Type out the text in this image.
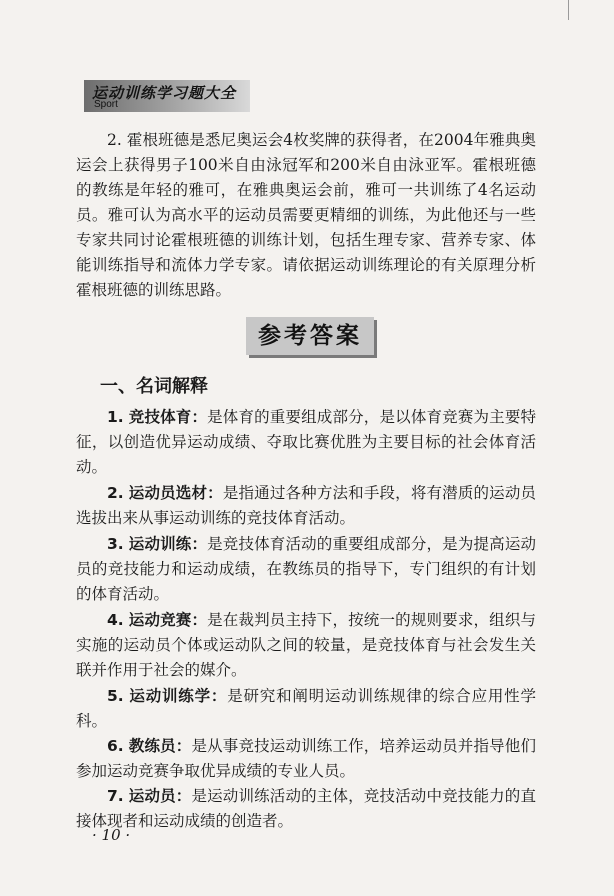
运动训练学习题大全
Sport

2. 霍根班德是悉尼奥运会4枚奖牌的获得者，在2004年雅典奥运会上获得男子100米自由泳冠军和200米自由泳亚军。霍根班德的教练是年轻的雅可，在雅典奥运会前，雅可一共训练了4名运动员。雅可认为高水平的运动员需要更精细的训练，为此他还与一些专家共同讨论霍根班德的训练计划，包括生理专家、营养专家、体能训练指导和流体力学专家。请依据运动训练理论的有关原理分析霍根班德的训练思路。

参考答案
一、名词解释

1. 竞技体育：是体育的重要组成部分，是以体育竞赛为主要特征，以创造优异运动成绩、夺取比赛优胜为主要目标的社会体育活动。

2. 运动员选材：是指通过各种方法和手段，将有潜质的运动员选拔出来从事运动训练的竞技体育活动。

3. 运动训练：是竞技体育活动的重要组成部分，是为提高运动员的竞技能力和运动成绩，在教练员的指导下，专门组织的有计划的体育活动。

4. 运动竞赛：是在裁判员主持下，按统一的规则要求，组织与实施的运动员个体或运动队之间的较量，是竞技体育与社会发生关联并作用于社会的媒介。

5. 运动训练学：是研究和阐明运动训练规律的综合应用性学科。

6. 教练员：是从事竞技运动训练工作，培养运动员并指导他们参加运动竞赛争取优异成绩的专业人员。

7. 运动员：是运动训练活动的主体，竞技活动中竞技能力的直接体现者和运动成绩的创造者。

· 10 ·
